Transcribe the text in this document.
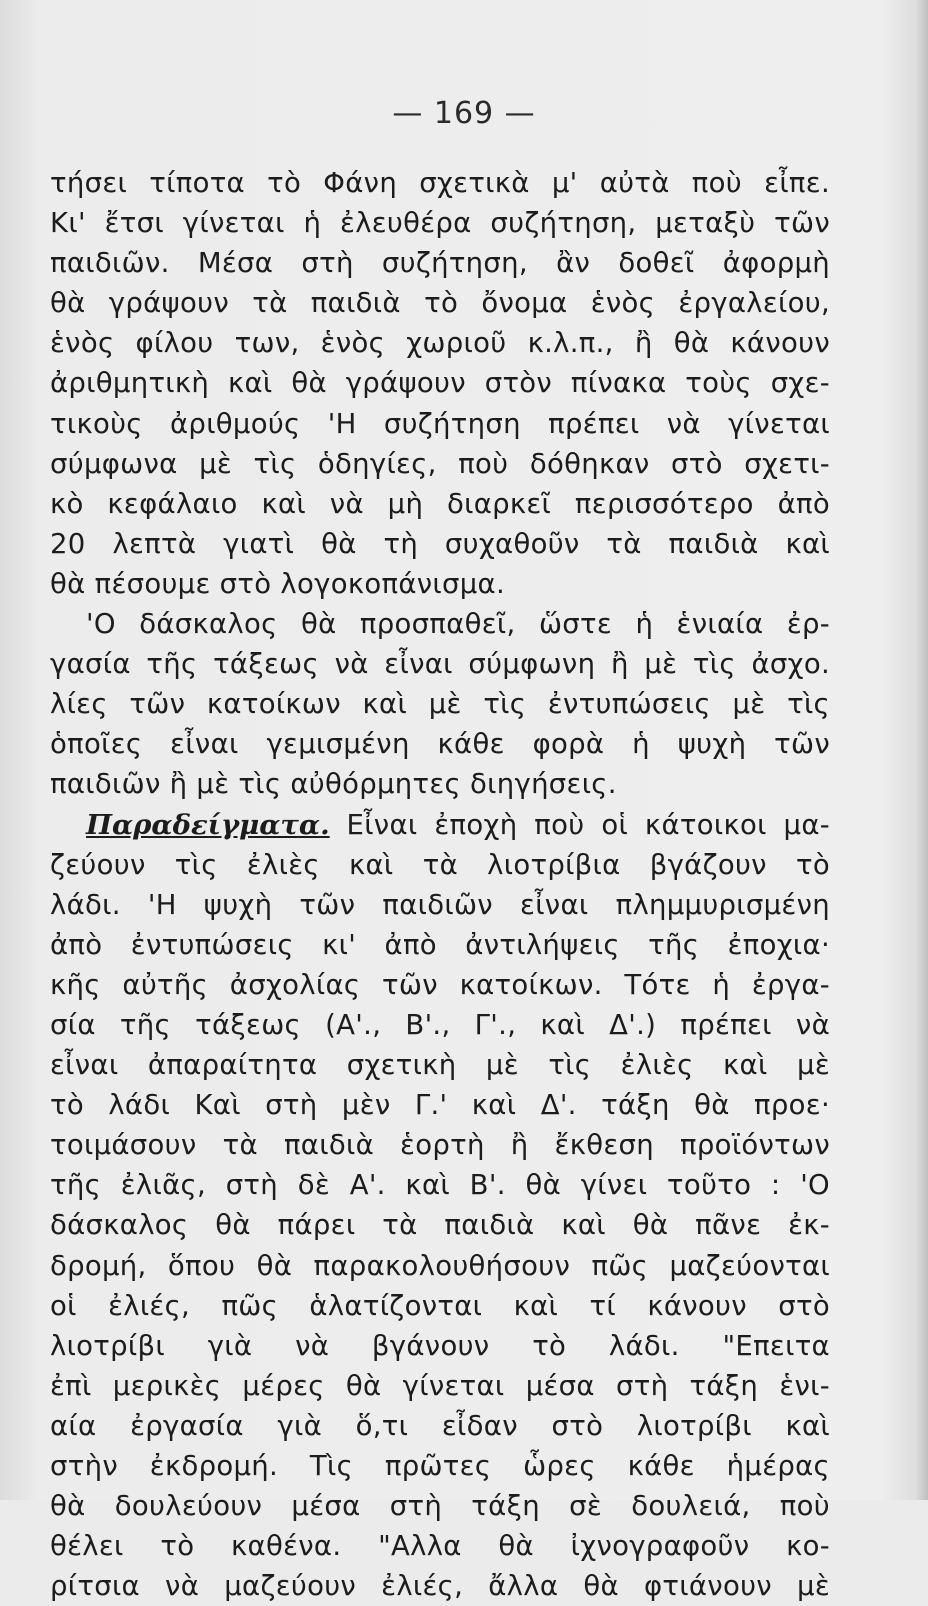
— 169 —
τήσει τίποτα τὸ Φάνη σχετικὰ μ' αὐτὰ ποὺ εἶπε.
Κι' ἔτσι γίνεται ἡ ἐλευθέρα συζήτηση, μεταξὺ τῶν
παιδιῶν. Μέσα στὴ συζήτηση, ἂν δοθεῖ ἀφορμὴ
θὰ γράψουν τὰ παιδιὰ τὸ ὄνομα ἑνὸς ἐργαλείου,
ἑνὸς φίλου των, ἑνὸς χωριοῦ κ.λ.π., ἢ θὰ κάνουν
ἀριθμητικὴ καὶ θὰ γράψουν στὸν πίνακα τοὺς σχε-
τικοὺς ἀριθμούς 'Η συζήτηση πρέπει νὰ γίνεται
σύμφωνα μὲ τὶς ὁδηγίες, ποὺ δόθηκαν στὸ σχετι-
κὸ κεφάλαιο καὶ νὰ μὴ διαρκεῖ περισσότερο ἀπὸ
20 λεπτὰ γιατὶ θὰ τὴ συχαθοῦν τὰ παιδιὰ καὶ
θὰ πέσουμε στὸ λογοκοπάνισμα.
'Ο δάσκαλος θὰ προσπαθεῖ, ὥστε ἡ ἑνιαία ἐρ-
γασία τῆς τάξεως νὰ εἶναι σύμφωνη ἢ μὲ τὶς ἀσχο.
λίες τῶν κατοίκων καὶ μὲ τὶς ἐντυπώσεις μὲ τὶς
ὁποῖες εἶναι γεμισμένη κάθε φορὰ ἡ ψυχὴ τῶν
παιδιῶν ἢ μὲ τὶς αὐθόρμητες διηγήσεις.
Παραδείγματα. Εἶναι ἐποχὴ ποὺ οἱ κάτοικοι μα-
ζεύουν τὶς ἐλιὲς καὶ τὰ λιοτρίβια βγάζουν τὸ
λάδι. 'Η ψυχὴ τῶν παιδιῶν εἶναι πλημμυρισμένη
ἀπὸ ἐντυπώσεις κι' ἀπὸ ἀντιλήψεις τῆς ἐποχια·
κῆς αὐτῆς ἀσχολίας τῶν κατοίκων. Τότε ἡ ἐργα-
σία τῆς τάξεως (Α'., Β'., Γ'., καὶ Δ'.) πρέπει νὰ
εἶναι ἀπαραίτητα σχετικὴ μὲ τὶς ἐλιὲς καὶ μὲ
τὸ λάδι Καὶ στὴ μὲν Γ.' καὶ Δ'. τάξη θὰ προε·
τοιμάσουν τὰ παιδιὰ ἑορτὴ ἢ ἔκθεση προϊόντων
τῆς ἐλιᾶς, στὴ δὲ Α'. καὶ Β'. θὰ γίνει τοῦτο : 'Ο
δάσκαλος θὰ πάρει τὰ παιδιὰ καὶ θὰ πᾶνε ἐκ-
δρομή, ὅπου θὰ παρακολουθήσουν πῶς μαζεύονται
οἱ ἐλιές, πῶς ἁλατίζονται καὶ τί κάνουν στὸ
λιοτρίβι γιὰ νὰ βγάνουν τὸ λάδι. "Επειτα
ἐπὶ μερικὲς μέρες θὰ γίνεται μέσα στὴ τάξη ἑνι-
αία ἐργασία γιὰ ὅ,τι εἶδαν στὸ λιοτρίβι καὶ
στὴν ἐκδρομή. Τὶς πρῶτες ὧρες κάθε ἡμέρας
θὰ δουλεύουν μέσα στὴ τάξη σὲ δουλειά, ποὺ
θέλει τὸ καθένα. "Αλλα θὰ ἰχνογραφοῦν κο-
ρίτσια νὰ μαζεύουν ἐλιές, ἄλλα θὰ φτιάνουν μὲ
